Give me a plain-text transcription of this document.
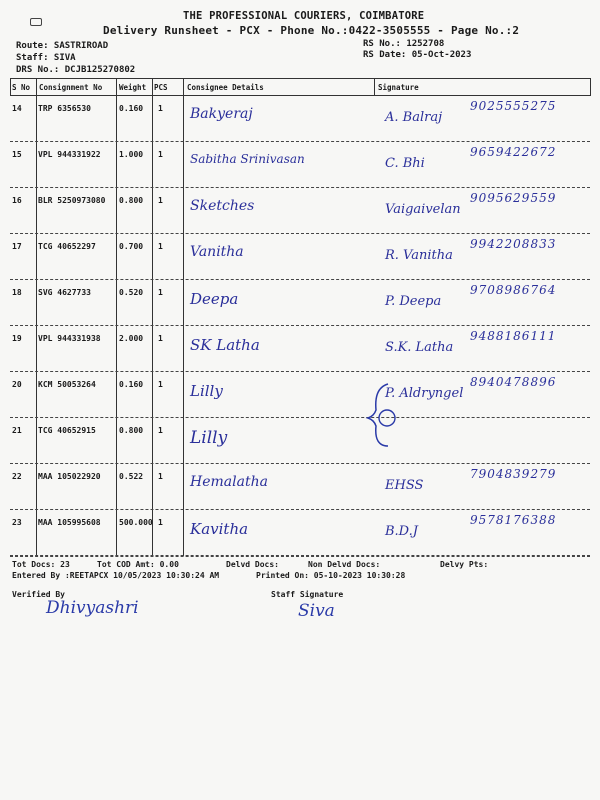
THE PROFESSIONAL COURIERS, COIMBATORE
Delivery Runsheet - PCX - Phone No.:0422-3505555 - Page No.:2
Route: SASTRIROAD
Staff: SIVA
DRS No.: DCJB125270802
RS No.: 1252708
RS Date: 05-Oct-2023
S No Consignment No Weight PCS	Consignee Details	Signature
14 TRP 6356530	0.160 1 Bakyeraj	A. Balraj
9025555275
15 VPL 944331922 1.000 1 Sabitha Srinivasan	C. Bhi
9659422672
16 BLR 5250973080 0.800 1 Sketches	Vaigaivelan
9095629559
17 TCG 40652297	0.700 1 Vanitha	R. Vanitha
9942208833
18 SVG 4627733	0.520 1 Deepa	P. Deepa
9708986764
19 VPL 944331938 2.000 1 SK Latha	S.K. Latha
9488186111
20 KCM 50053264	0.160 1 Lilly	P. Aldryngel
8940478896
21 TCG 40652915	0.800 1 Lilly
22 MAA 105022920 0.522 1 Hemalatha	EHSS
7904839279
23 MAA 105995608 500.000 1 Kavitha	B.D.J
9578176388
Tot Docs: 23	Tot COD Amt: 0.00	Delvd Docs:	Non Delvd Docs:	Delvy Pts:
Entered By :REETAPCX 10/05/2023 10:30:24 AM	Printed On: 05-10-2023 10:30:28
Verified By
Dhivyashri
Staff Signature
Siva
